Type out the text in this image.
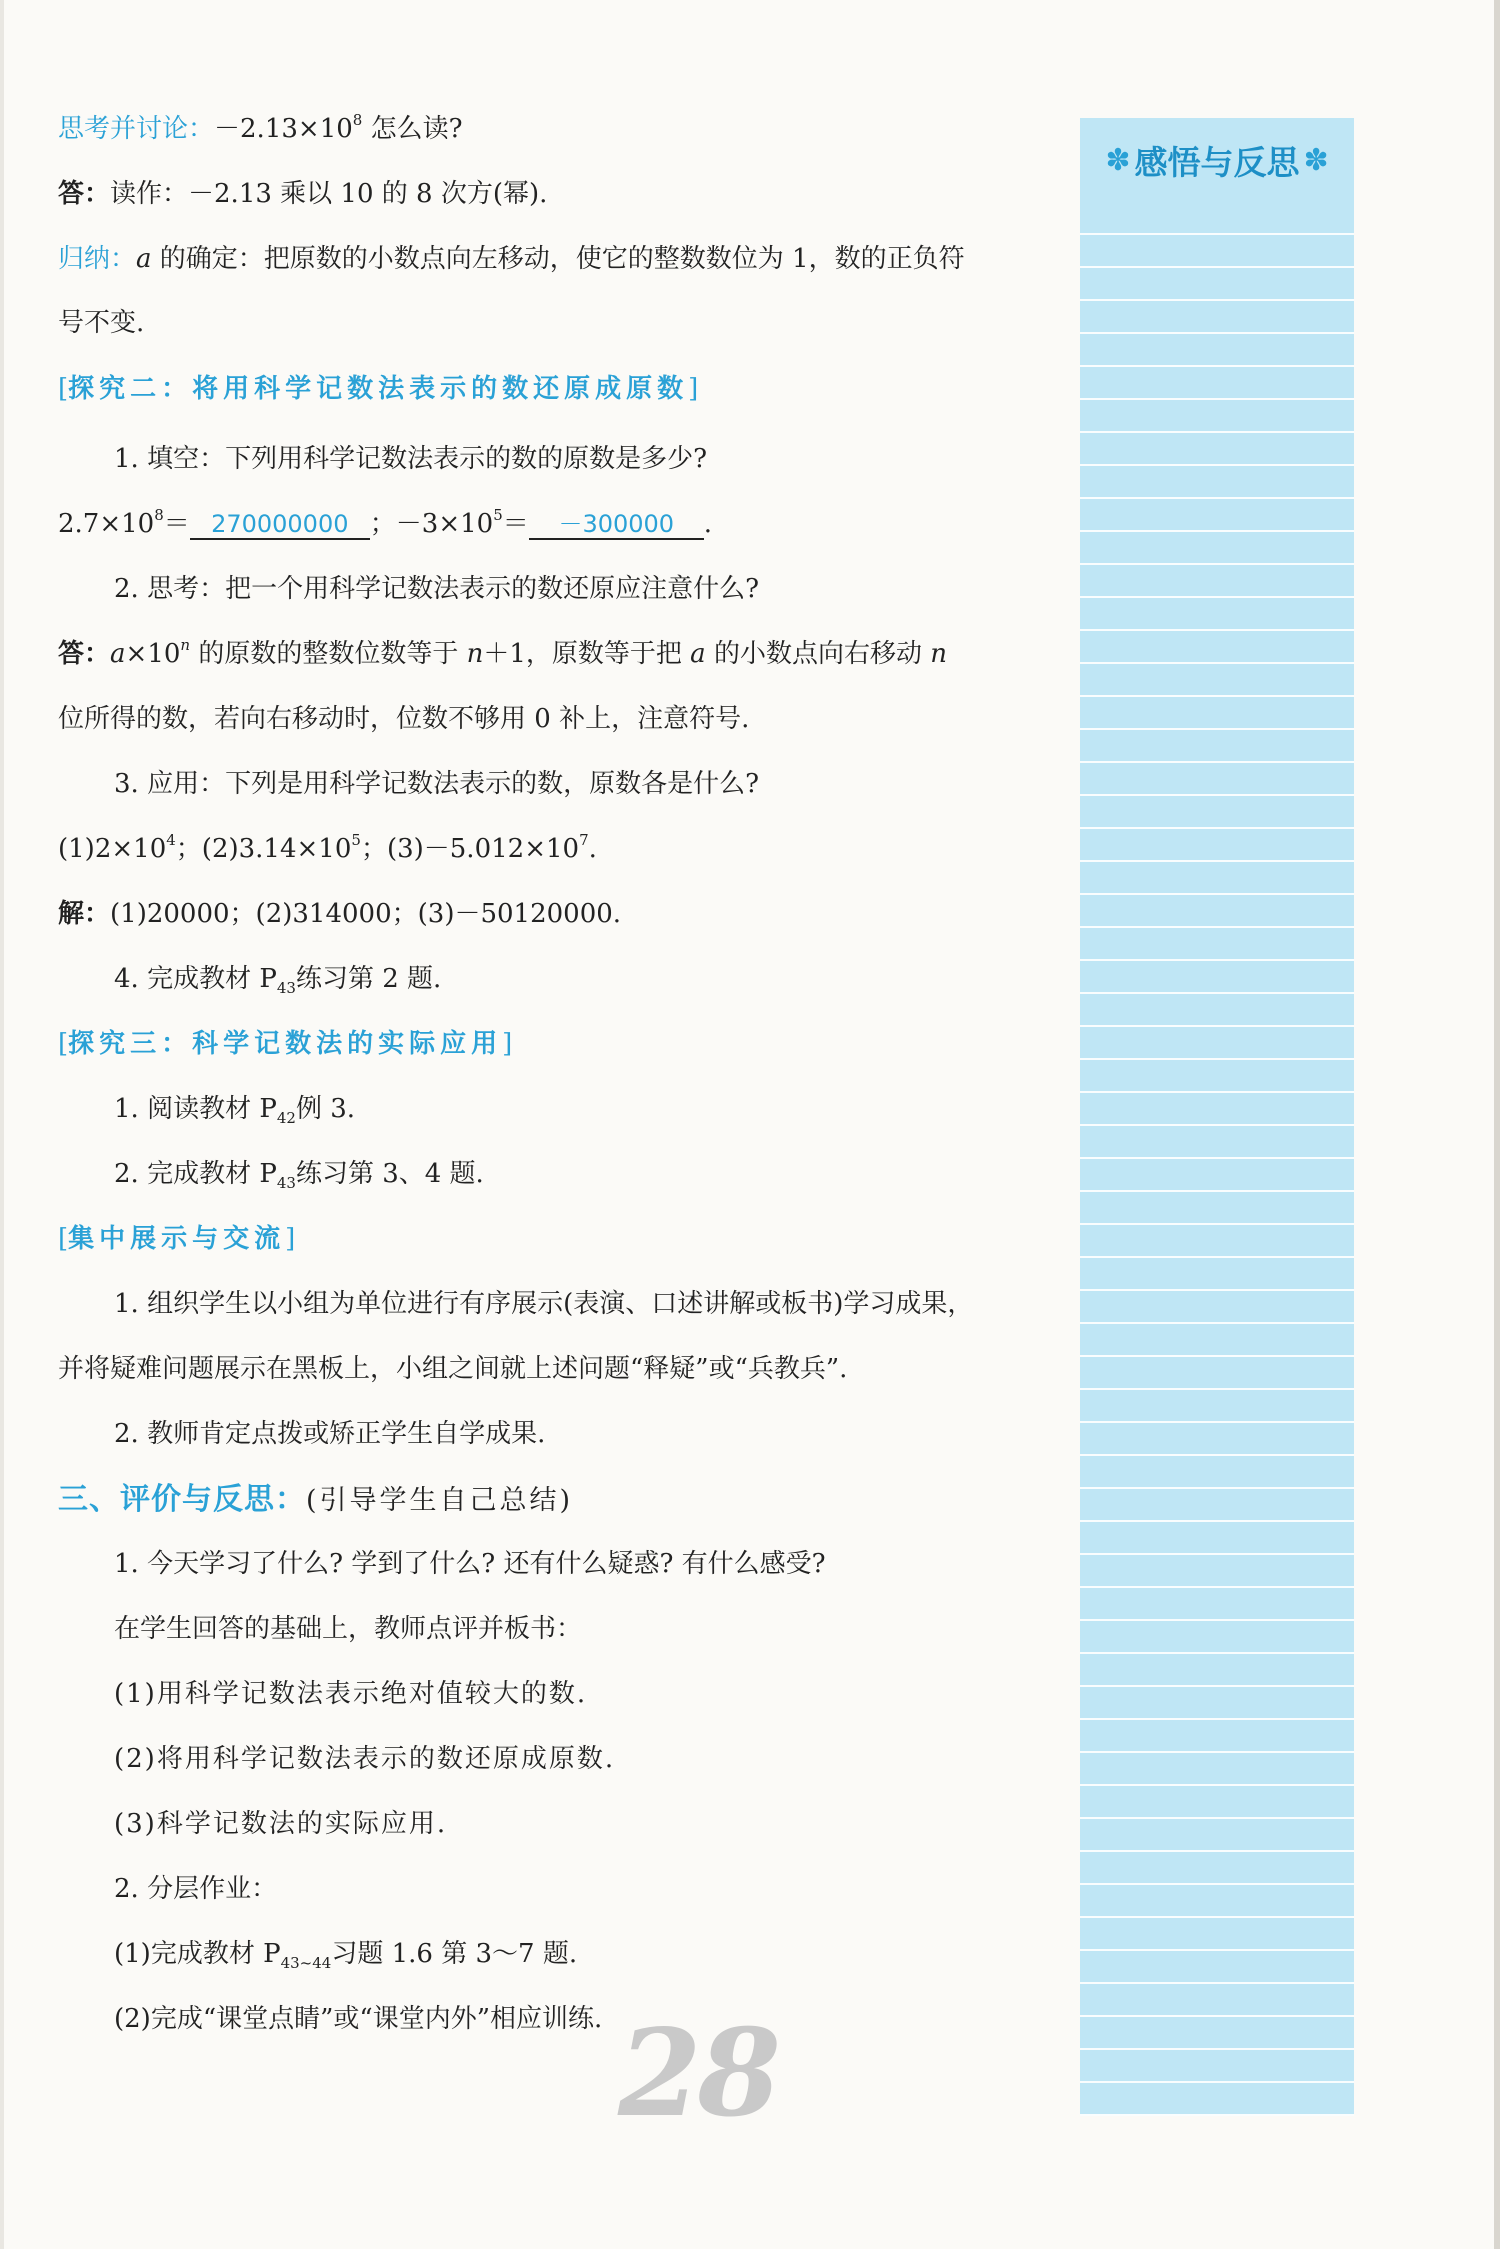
思考并讨论：$-2.13\times 10^8$ 怎么读?
答：读作：－2.13 乘以 10 的 8 次方(幂).
归纳：a 的确定：把原数的小数点向左移动，使它的整数数位为 1，数的正负符
号不变.
[探究二：将用科学记数法表示的数还原成原数]
1. 填空：下列用科学记数法表示的数的原数是多少?
$2.7\times 10^8= 270000000$ ；$-3\times 10^5= -300000$ .
2. 思考：把一个用科学记数法表示的数还原应注意什么?
答：$a\times 10^n$ 的原数的整数位数等于 n＋1，原数等于把 a 的小数点向右移动 n
位所得的数，若向右移动时，位数不够用 0 补上，注意符号.
3. 应用：下列是用科学记数法表示的数，原数各是什么?
$(1)2\times 10^4$；$(2)3.14\times 10^5$；$(3)-5.012\times 10^7$.
解：(1)20000；(2)314000；(3)－50120000.
4. 完成教材 $P_{43}$练习第 2 题.
[探究三：科学记数法的实际应用]
1. 阅读教材 $P_{42}$例 3.
2. 完成教材 $P_{43}$练习第 3、4 题.
[集中展示与交流]
1. 组织学生以小组为单位进行有序展示(表演、口述讲解或板书)学习成果，
并将疑难问题展示在黑板上，小组之间就上述问题“释疑”或“兵教兵”.
2. 教师肯定点拨或矫正学生自学成果.
三、评价与反思：(引导学生自己总结)
1. 今天学习了什么? 学到了什么? 还有什么疑惑? 有什么感受?
在学生回答的基础上，教师点评并板书：
(1)用科学记数法表示绝对值较大的数.
(2)将用科学记数法表示的数还原成原数.
(3)科学记数法的实际应用.
2. 分层作业：
(1)完成教材 $P_{43\sim 44}$习题 1.6 第 3～7 题.
(2)完成“课堂点睛”或“课堂内外”相应训练.
✽ 感悟与反思 ✽
28
